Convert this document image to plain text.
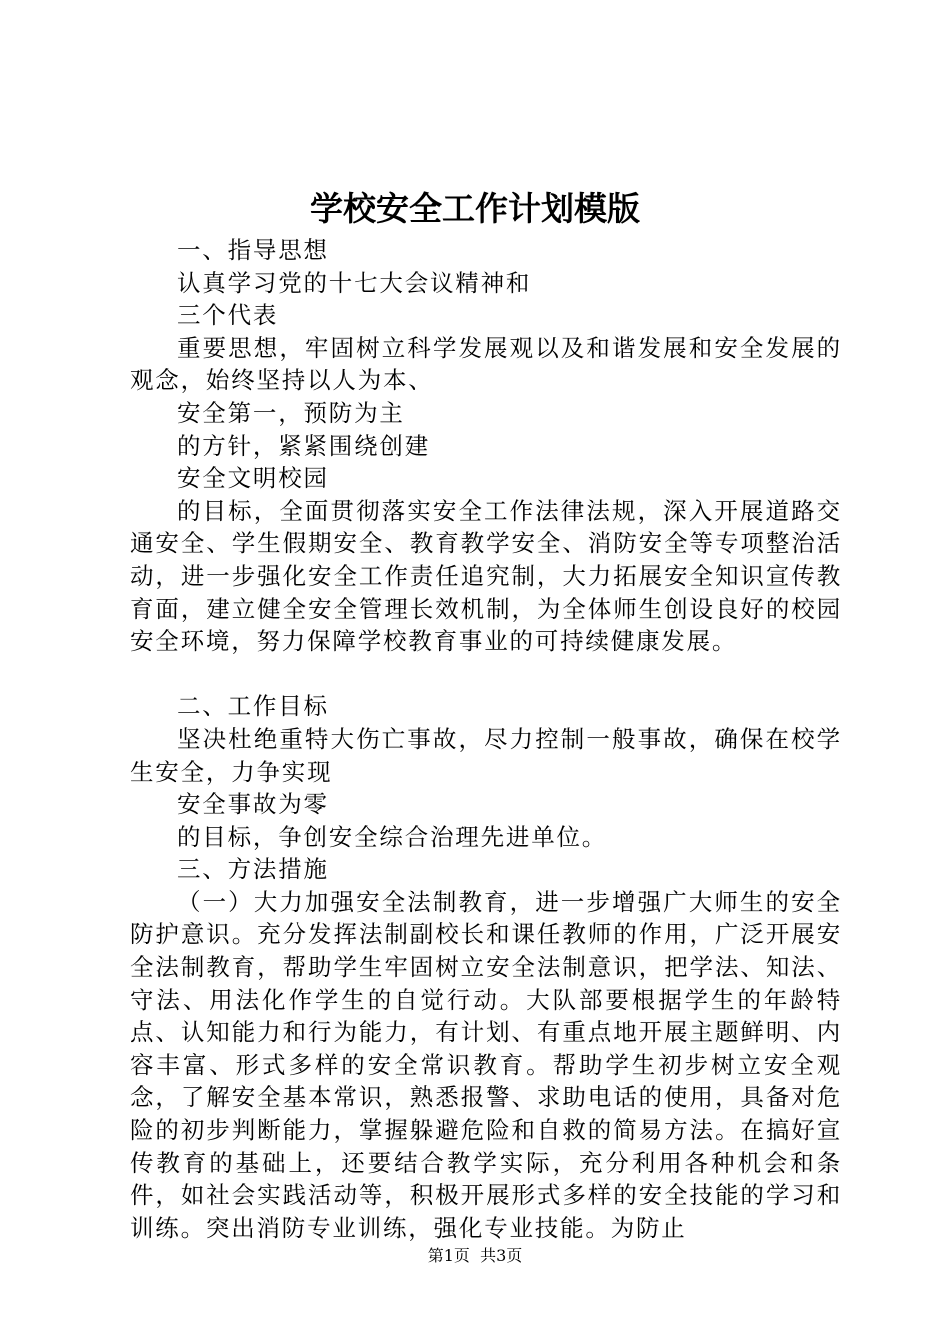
学校安全工作计划模版

一、指导思想

认真学习党的十七大会议精神和

三个代表

重要思想，牢固树立科学发展观以及和谐发展和安全发展的观念，始终坚持以人为本、

安全第一，预防为主

的方针，紧紧围绕创建

安全文明校园

的目标，全面贯彻落实安全工作法律法规，深入开展道路交通安全、学生假期安全、教育教学安全、消防安全等专项整治活动，进一步强化安全工作责任追究制，大力拓展安全知识宣传教育面，建立健全安全管理长效机制，为全体师生创设良好的校园安全环境，努力保障学校教育事业的可持续健康发展。

二、工作目标

坚决杜绝重特大伤亡事故，尽力控制一般事故，确保在校学生安全，力争实现

安全事故为零

的目标，争创安全综合治理先进单位。

三、方法措施

（一）大力加强安全法制教育，进一步增强广大师生的安全防护意识。充分发挥法制副校长和课任教师的作用，广泛开展安全法制教育，帮助学生牢固树立安全法制意识，把学法、知法、守法、用法化作学生的自觉行动。大队部要根据学生的年龄特点、认知能力和行为能力，有计划、有重点地开展主题鲜明、内容丰富、形式多样的安全常识教育。帮助学生初步树立安全观念，了解安全基本常识，熟悉报警、求助电话的使用，具备对危险的初步判断能力，掌握躲避危险和自救的简易方法。在搞好宣传教育的基础上，还要结合教学实际，充分利用各种机会和条件，如社会实践活动等，积极开展形式多样的安全技能的学习和训练。突出消防专业训练，强化专业技能。为防止

第1页  共3页
